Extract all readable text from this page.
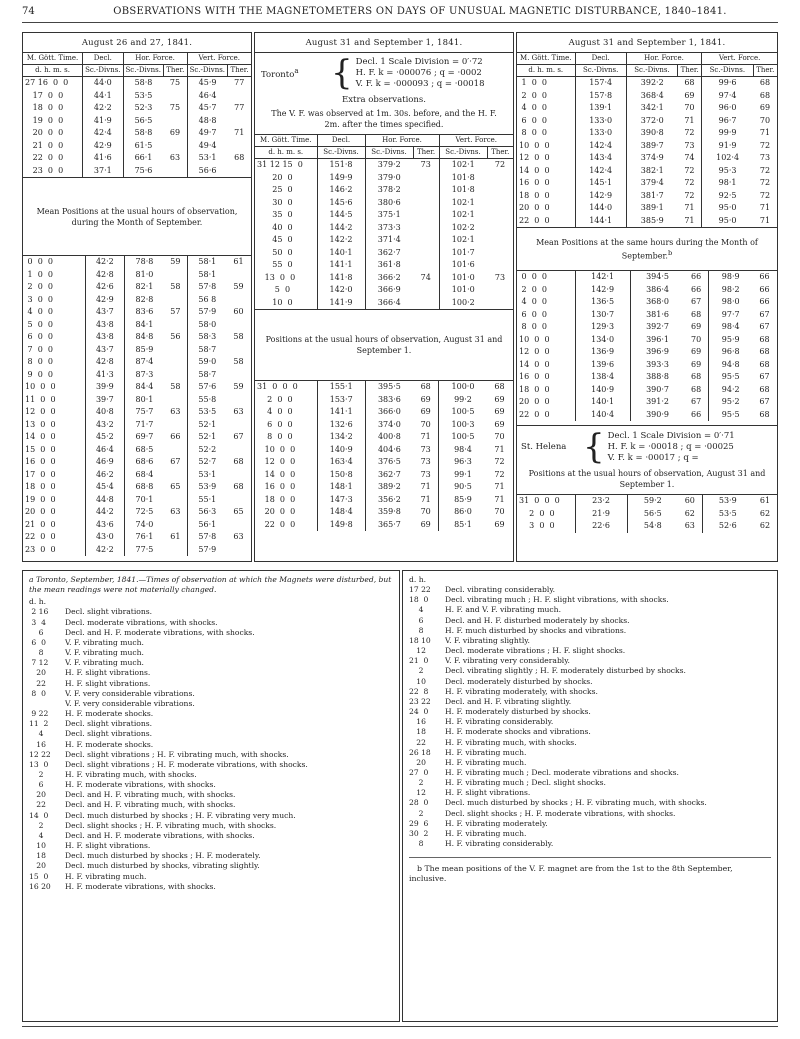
74	OBSERVATIONS WITH THE MAGNETOMETERS ON DAYS OF UNUSUAL MAGNETIC DISTURBANCE, 1840–1841.
August 26 and 27, 1841.
M. Gött. Time.	Decl.	Hor. Force.		Vert. Force.	
d. h. m. s.	Sc.-Divns.	Sc.-Divns.	Ther.	Sc.-Divns.	Ther.
27 16  0  0	44·0	58·8	75	45·9	77
17  0  0	44·1	53·5		46·4	
18  0  0	42·2	52·3	75	45·7	77
19  0  0	41·9	56·5		48·8	
20  0  0	42·4	58·8	69	49·7	71
21  0  0	42·9	61·5		49·4	
22  0  0	41·6	66·1	63	53·1	68
23  0  0	37·1	75·6		56·6	
Mean Positions at the usual hours of observation, during the Month of September.
0  0  0	42·2	78·8	59	58·1	61
1  0  0	42·8	81·0		58·1	
2  0  0	42·6	82·1	58	57·8	59
3  0  0	42·9	82·8		56 8	
4  0  0	43·7	83·6	57	57·9	60
5  0  0	43·8	84·1		58·0	
6  0  0	43·8	84·8	56	58·3	58
7  0  0	43·7	85·9		58·7	
8  0  0	42·8	87·4		59·0	58
9  0  0	41·3	87·3		58·7	
10  0  0	39·9	84·4	58	57·6	59
11  0  0	39·7	80·1		55·8	
12  0  0	40·8	75·7	63	53·5	63
13  0  0	43·2	71·7		52·1	
14  0  0	45·2	69·7	66	52·1	67
15  0  0	46·4	68·5		52·2	
16  0  0	46·9	68·6	67	52·7	68
17  0  0	46·2	68·4		53·1	
18  0  0	45·4	68·8	65	53·9	68
19  0  0	44·8	70·1		55·1	
20  0  0	44·2	72·5	63	56·3	65
21  0  0	43·6	74·0		56·1	
22  0  0	43·0	76·1	61	57·8	63
23  0  0	42·2	77·5		57·9	
August 31 and September 1, 1841.
Toronto$^a$ { Decl. 1 Scale Division = 0′·72
H. F. k = ·000076 ; q = ·0002
V. F. k = ·000093 ; q = ·00018
Extra observations.
The V. F. was observed at 1m. 30s. before, and the H. F. 2m. after the times specified.
M. Gött. Time.	Decl.	Hor. Force.		Vert. Force.	
d. h. m. s.	Sc.-Divns.	Sc.-Divns.	Ther.	Sc.-Divns.	Ther.
31 12 15  0	151·8	379·2	73	102·1	72
20  0	149·9	379·0		101·8	
25  0	146·2	378·2		101·8	
30  0	145·6	380·6		102·1	
35  0	144·5	375·1		102·1	
40  0	144·2	373·3		102·2	
45  0	142·2	371·4		102·1	
50  0	140·1	362·7		101·7	
55  0	141·1	361·8		101·6	
13  0  0	141·8	366·2	74	101·0	73
5  0	142·0	366·9		101·0	
10  0	141·9	366·4		100·2	
Positions at the usual hours of observation, August 31 and September 1.
31  0  0  0	155·1	395·5	68	100·0	68
2  0  0	153·7	383·6	69	99·2	69
4  0  0	141·1	366·0	69	100·5	69
6  0  0	132·6	374·0	70	100·3	69
8  0  0	134·2	400·8	71	100·5	70
10  0  0	140·9	404·6	73	98·4	71
12  0  0	163·4	376·5	73	96·3	72
14  0  0	150·8	362·7	73	99·1	72
16  0  0	148·1	389·2	71	90·5	71
18  0  0	147·3	356·2	71	85·9	71
20  0  0	148·4	359·8	70	86·0	70
22  0  0	149·8	365·7	69	85·1	69
August 31 and September 1, 1841.
M. Gött. Time.	Decl.	Hor. Force.		Vert. Force.	
d. h. m. s.	Sc.-Divns.	Sc.-Divns.	Ther.	Sc.-Divns.	Ther.
1  0  0	157·4	392·2	68	99·6	68
2  0  0	157·8	368·4	69	97·4	68
4  0  0	139·1	342·1	70	96·0	69
6  0  0	133·0	372·0	71	96·7	70
8  0  0	133·0	390·8	72	99·9	71
10  0  0	142·4	389·7	73	91·9	72
12  0  0	143·4	374·9	74	102·4	73
14  0  0	142·4	382·1	72	95·3	72
16  0  0	145·1	379·4	72	98·1	72
18  0  0	142·9	381·7	72	92·5	72
20  0  0	144·0	389·1	71	95·0	71
22  0  0	144·1	385·9	71	95·0	71
Mean Positions at the same hours during the Month of September.$^b$
0  0  0	142·1	394·5	66	98·9	66
2  0  0	142·9	386·4	66	98·2	66
4  0  0	136·5	368·0	67	98·0	66
6  0  0	130·7	381·6	68	97·7	67
8  0  0	129·3	392·7	69	98·4	67
10  0  0	134·0	396·1	70	95·9	68
12  0  0	136·9	396·9	69	96·8	68
14  0  0	139·6	393·3	69	94·8	68
16  0  0	138·4	388·8	68	95·5	67
18  0  0	140·9	390·7	68	94·2	68
20  0  0	140·1	391·2	67	95·2	67
22  0  0	140·4	390·9	66	95·5	68
St. Helena { Decl. 1 Scale Division = 0′·71
H. F. k = ·00018 ; q = ·00025
V. F. k = ·00017 ; q =
Positions at the usual hours of observation, August 31 and September 1.
31  0  0  0	23·2	59·2	60	53·9	61
2  0  0	21·9	56·5	62	53·5	62
3  0  0	22·6	54·8	63	52·6	62
a Toronto, September, 1841.—Times of observation at which the Magnets were disturbed, but the mean readings were not materially changed.
d. h.
2 16	Decl. slight vibrations.
3  4	Decl. moderate vibrations, with shocks.
6	Decl. and H. F. moderate vibrations, with shocks.
6  0	V. F. vibrating much.
8	V. F. vibrating much.
7 12	V. F. vibrating much.
20	H. F. slight vibrations.
22	H. F. slight vibrations.
8  0	V. F. very considerable vibrations.

V. F. very considerable vibrations.
9 22	H. F. moderate shocks.
11  2	Decl. slight vibrations.
4	Decl. slight vibrations.
16	H. F. moderate shocks.
12 22	Decl. slight vibrations ; H. F. vibrating much, with shocks.
13  0	Decl. slight vibrations ; H. F. moderate vibrations, with shocks.
2	H. F. vibrating much, with shocks.
6	H. F. moderate vibrations, with shocks.
20	Decl. and H. F. vibrating much, with shocks.
22	Decl. and H. F. vibrating much, with shocks.
14  0	Decl. much disturbed by shocks ; H. F. vibrating very much.
2	Decl. slight shocks ; H. F. vibrating much, with shocks.
4	Decl. and H. F. moderate vibrations, with shocks.
10	H. F. slight vibrations.
18	Decl. much disturbed by shocks ; H. F. moderately.
20	Decl. much disturbed by shocks, vibrating slightly.
15  0	H. F. vibrating much.
16 20	H. F. moderate vibrations, with shocks.
d. h.
17 22	Decl. vibrating considerably.
18  0	Decl. vibrating much ; H. F. slight vibrations, with shocks.
4	H. F. and V. F. vibrating much.
6	Decl. and H. F. disturbed moderately by shocks.
8	H. F. much disturbed by shocks and vibrations.
18 10	V. F. vibrating slightly.
12	Decl. moderate vibrations ; H. F. slight shocks.
21  0	V. F. vibrating very considerably.
2	Decl. vibrating slightly ; H. F. moderately disturbed by shocks.
10	Decl. moderately disturbed by shocks.
22  8	H. F. vibrating moderately, with shocks.
23 22	Decl. and H. F. vibrating slightly.
24  0	H. F. moderately disturbed by shocks.
16	H. F. vibrating considerably.
18	H. F. moderate shocks and vibrations.
22	H. F. vibrating much, with shocks.
26 18	H. F. vibrating much.
20	H. F. vibrating much.
27  0	H. F. vibrating much ; Decl. moderate vibrations and shocks.
2	H. F. vibrating much ; Decl. slight shocks.
12	H. F. slight vibrations.
28  0	Decl. much disturbed by shocks ; H. F. vibrating much, with shocks.
2	Decl. slight shocks ; H. F. moderate vibrations, with shocks.
29  6	H. F. vibrating moderately.
30  2	H. F. vibrating much.
8	H. F. vibrating considerably.
b The mean positions of the V. F. magnet are from the 1st to the 8th September, inclusive.
